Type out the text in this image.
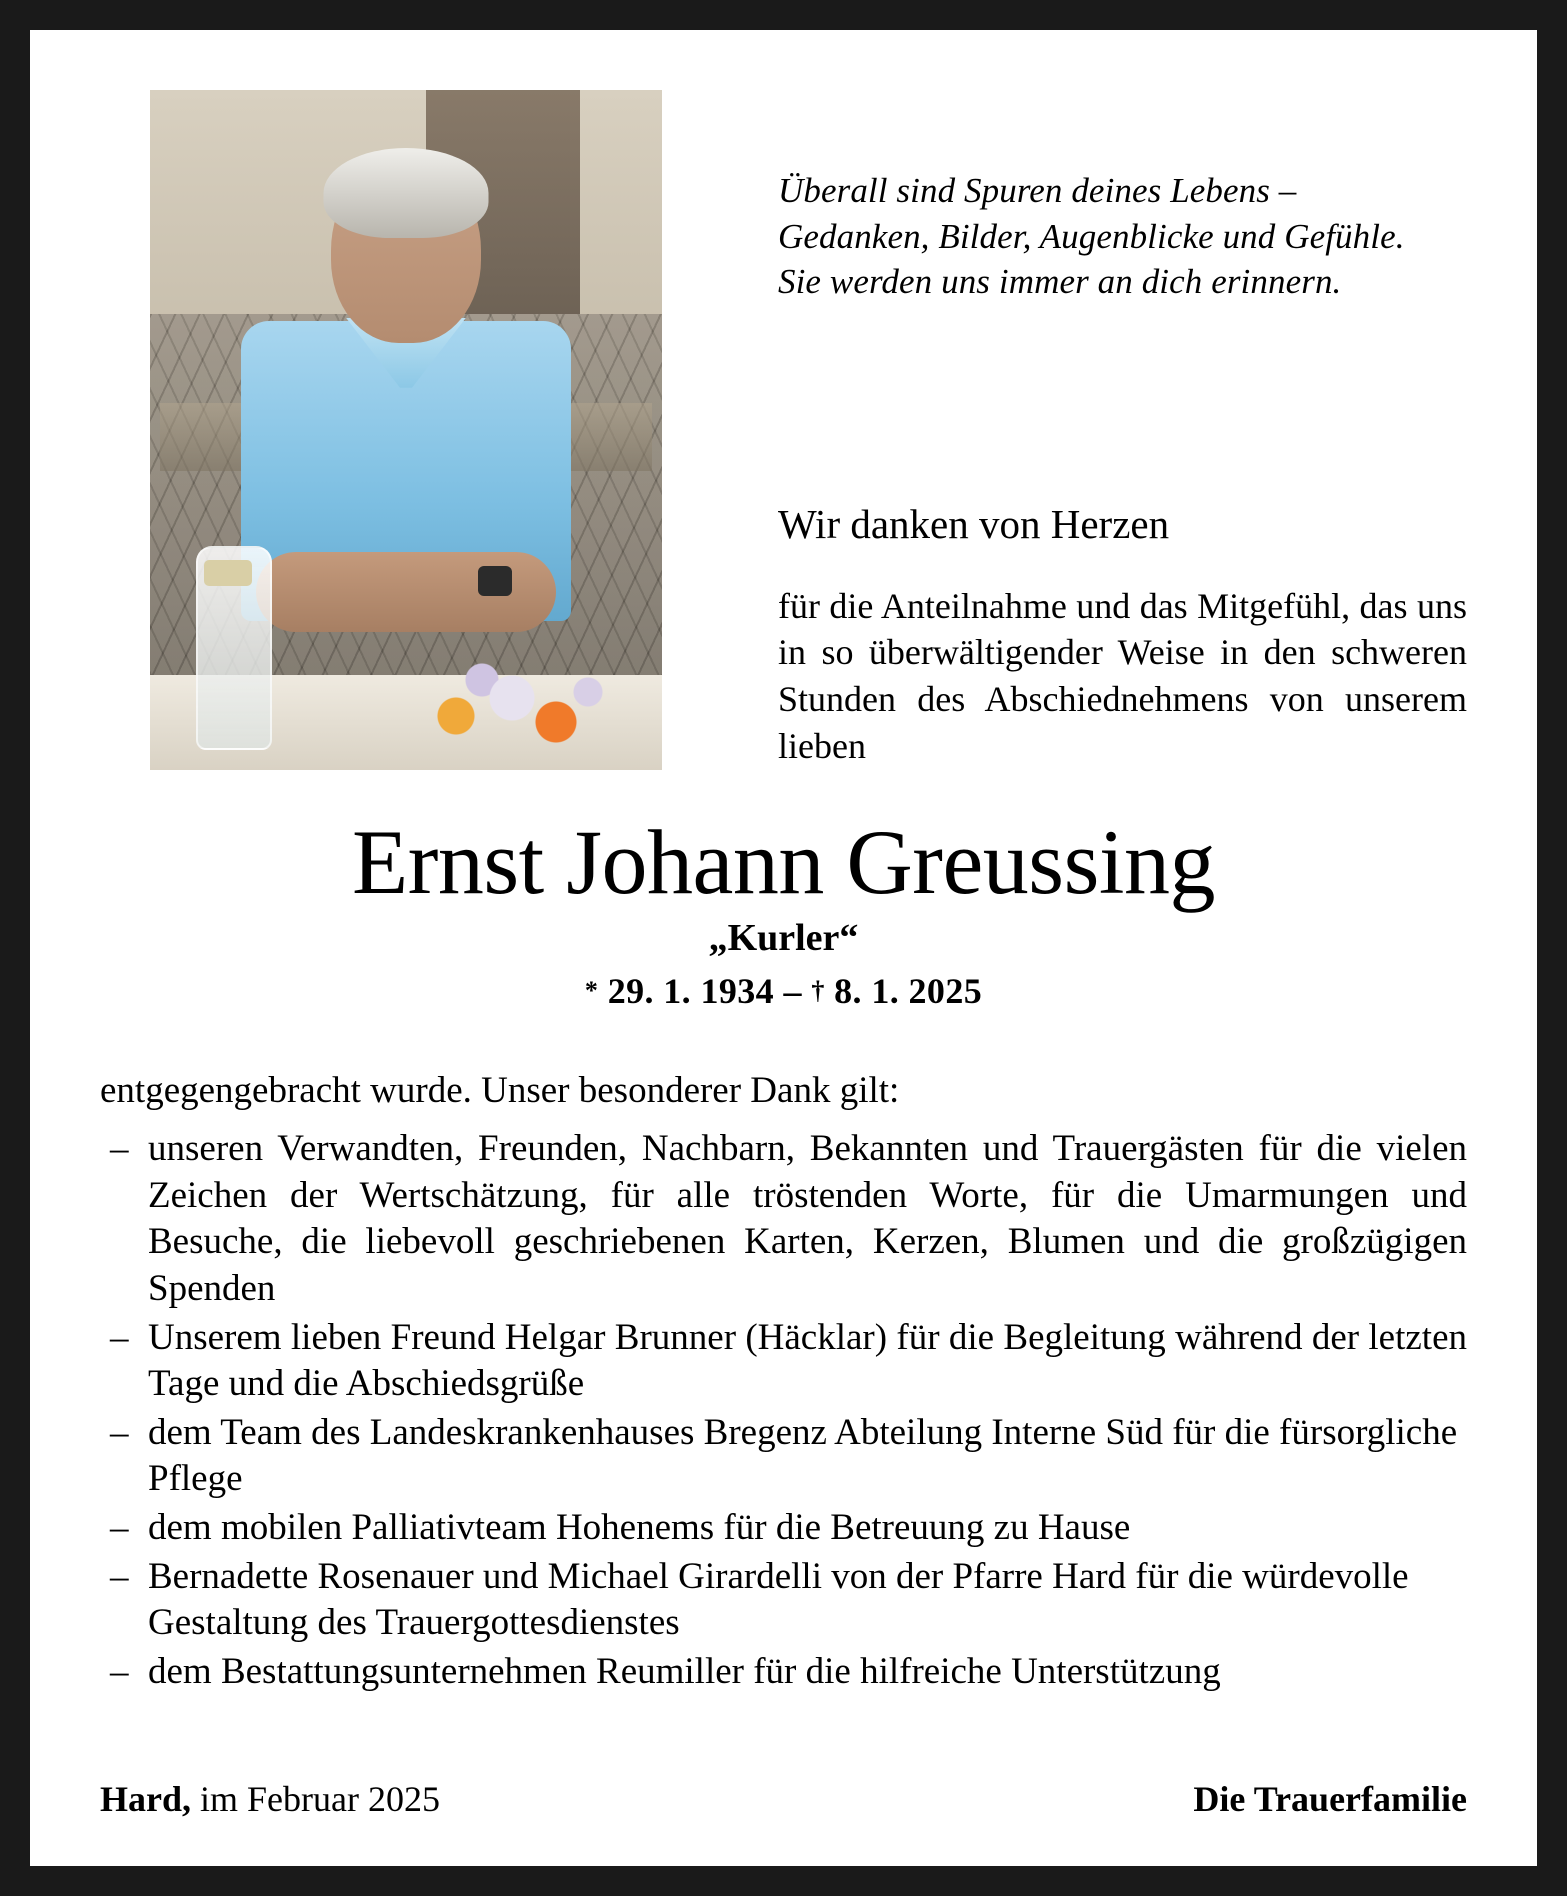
Überall sind Spuren deines Lebens –

Gedanken, Bilder, Augenblicke und Gefühle.

Sie werden uns immer an dich erinnern.

Wir danken von Herzen
für die Anteilnahme und das Mitgefühl, das uns in so überwältigender Weise in den schweren Stunden des Abschiednehmens von unserem lieben
Ernst Johann Greussing
„Kurler“
* 29. 1. 1934 – † 8. 1. 2025
entgegengebracht wurde. Unser besonderer Dank gilt:
– unseren Verwandten, Freunden, Nachbarn, Bekannten und Trauergästen für die vielen Zeichen der Wertschätzung, für alle tröstenden Worte, für die Umarmungen und Besuche, die liebevoll geschriebenen Karten, Kerzen, Blumen und die großzügigen Spenden
– Unserem lieben Freund Helgar Brunner (Häcklar) für die Begleitung während der letzten Tage und die Abschiedsgrüße
– dem Team des Landeskrankenhauses Bregenz Abteilung Interne Süd für die fürsorgliche Pflege
– dem mobilen Palliativteam Hohenems für die Betreuung zu Hause
– Bernadette Rosenauer und Michael Girardelli von der Pfarre Hard für die würdevolle Gestaltung des Trauergottesdienstes
– dem Bestattungsunternehmen Reumiller für die hilfreiche Unterstützung
Hard, im Februar 2025	Die Trauerfamilie
